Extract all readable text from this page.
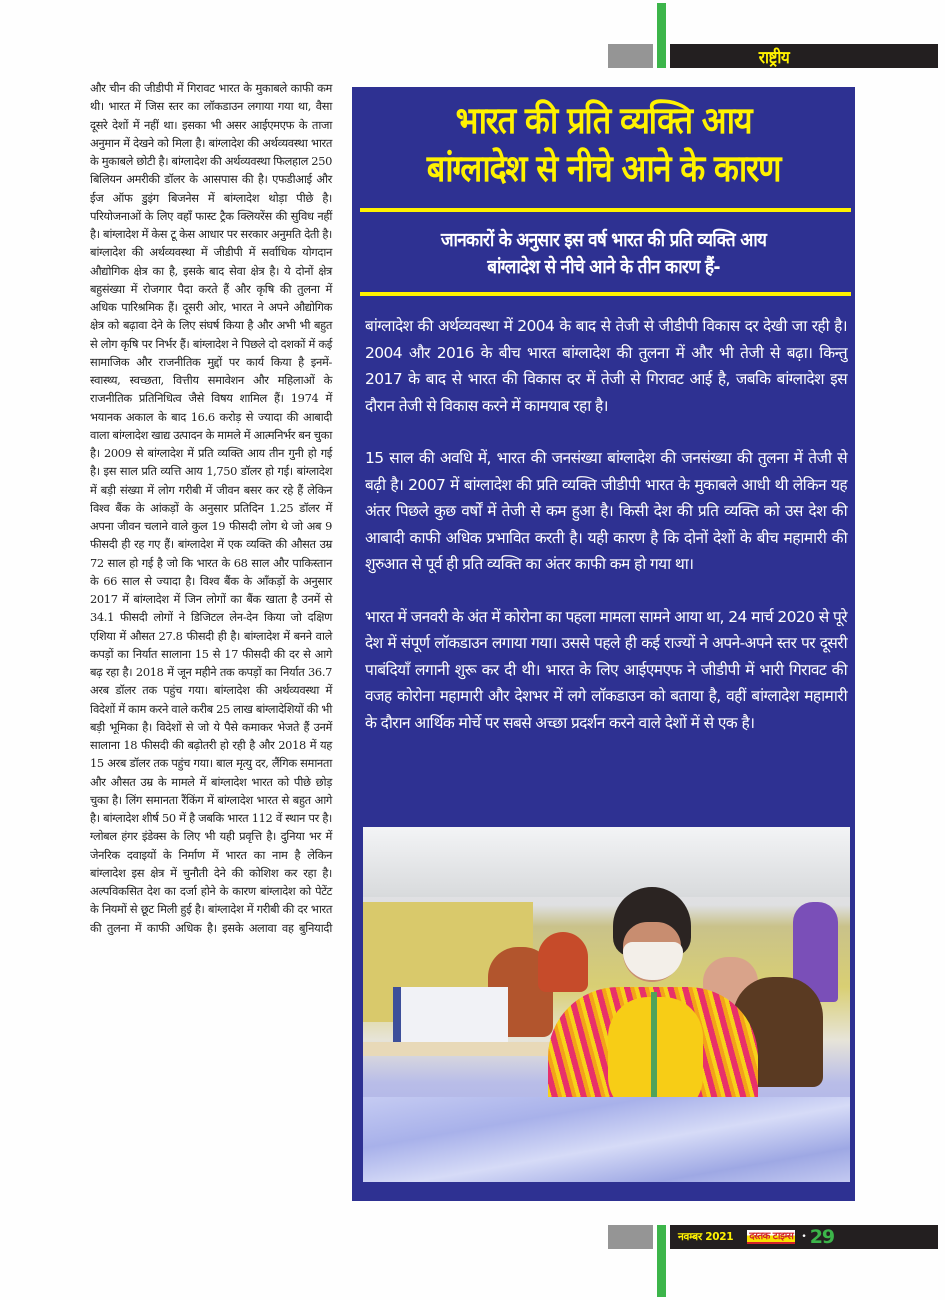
राष्ट्रीय

और चीन की जीडीपी में गिरावट भारत के मुकाबले काफी कम थी। भारत में जिस स्तर का लॉकडाउन लगाया गया था, वैसा दूसरे देशों में नहीं था। इसका भी असर आईएमएफ के ताजा अनुमान में देखने को मिला है। बांग्लादेश की अर्थव्यवस्था भारत के मुकाबले छोटी है। बांग्लादेश की अर्थव्यवस्था फिलहाल 250 बिलियन अमरीकी डॉलर के आसपास की है। एफडीआई और ईज ऑफ डुइंग बिजनेस में बांग्लादेश थोड़ा पीछे है। परियोजनाओं के लिए वहाँ फास्ट ट्रैक क्लियरेंस की सुविध नहीं है। बांग्लादेश में केस टू केस आधार पर सरकार अनुमति देती है। बांग्लादेश की अर्थव्यवस्था में जीडीपी में सर्वाधिक योगदान औद्योगिक क्षेत्र का है, इसके बाद सेवा क्षेत्र है। ये दोनों क्षेत्र बहुसंख्या में रोजगार पैदा करते हैं और कृषि की तुलना में अधिक पारिश्रमिक हैं। दूसरी ओर, भारत ने अपने औद्योगिक क्षेत्र को बढ़ावा देने के लिए संघर्ष किया है और अभी भी बहुत से लोग कृषि पर निर्भर हैं। बांग्लादेश ने पिछले दो दशकों में कई सामाजिक और राजनीतिक मुद्दों पर कार्य किया है इनमें-स्वास्थ्य, स्वच्छता, वित्तीय समावेशन और महिलाओं के राजनीतिक प्रतिनिधित्व जैसे विषय शामिल हैं। 1974 में भयानक अकाल के बाद 16.6 करोड़ से ज्यादा की आबादी वाला बांग्लादेश खाद्य उत्पादन के मामले में आत्मनिर्भर बन चुका है। 2009 से बांग्लादेश में प्रति व्यक्ति आय तीन गुनी हो गई है। इस साल प्रति व्यत्ति आय 1,750 डॉलर हो गई। बांग्लादेश में बड़ी संख्या में लोग गरीबी में जीवन बसर कर रहे हैं लेकिन विश्व बैंक के आंकड़ों के अनुसार प्रतिदिन 1.25 डॉलर में अपना जीवन चलाने वाले कुल 19 फीसदी लोग थे जो अब 9 फीसदी ही रह गए हैं। बांग्लादेश में एक व्यक्ति की औसत उम्र 72 साल हो गई है जो कि भारत के 68 साल और पाकिस्तान के 66 साल से ज्यादा है। विश्व बैंक के आँकड़ों के अनुसार 2017 में बांग्लादेश में जिन लोगों का बैंक खाता है उनमें से 34.1 फीसदी लोगों ने डिजिटल लेन-देन किया जो दक्षिण एशिया में औसत 27.8 फीसदी ही है। बांग्लादेश में बनने वाले कपड़ों का निर्यात सालाना 15 से 17 फीसदी की दर से आगे बढ़ रहा है। 2018 में जून महीने तक कपड़ों का निर्यात 36.7 अरब डॉलर तक पहुंच गया। बांग्लादेश की अर्थव्यवस्था में विदेशों में काम करने वाले करीब 25 लाख बांग्लादेशियों की भी बड़ी भूमिका है। विदेशों से जो ये पैसे कमाकर भेजते हैं उनमें सालाना 18 फीसदी की बढ़ोतरी हो रही है और 2018 में यह 15 अरब डॉलर तक पहुंच गया। बाल मृत्यु दर, लैंगिक समानता और औसत उम्र के मामले में बांग्लादेश भारत को पीछे छोड़ चुका है। लिंग समानता रैंकिंग में बांग्लादेश भारत से बहुत आगे है। बांग्लादेश शीर्ष 50 में है जबकि भारत 112 वें स्थान पर है। ग्लोबल हंगर इंडेक्स के लिए भी यही प्रवृत्ति है। दुनिया भर में जेनरिक दवाइयों के निर्माण में भारत का नाम है लेकिन बांग्लादेश इस क्षेत्र में चुनौती देने की कोशिश कर रहा है। अल्पविकसित देश का दर्जा होने के कारण बांग्लादेश को पेटेंट के नियमों से छूट मिली हुई है। बांग्लादेश में गरीबी की दर भारत की तुलना में काफी अधिक है। इसके अलावा वह बुनियादी

भारत की प्रति व्यक्ति आय
बांग्लादेश से नीचे आने के कारण
जानकारों के अनुसार इस वर्ष भारत की प्रति व्यक्ति आय
बांग्लादेश से नीचे आने के तीन कारण हैं-

बांग्लादेश की अर्थव्यवस्था में 2004 के बाद से तेजी से जीडीपी विकास दर देखी जा रही है। 2004 और 2016 के बीच भारत बांग्लादेश की तुलना में और भी तेजी से बढ़ा। किन्तु 2017 के बाद से भारत की विकास दर में तेजी से गिरावट आई है, जबकि बांग्लादेश इस दौरान तेजी से विकास करने में कामयाब रहा है।

15 साल की अवधि में, भारत की जनसंख्या बांग्लादेश की जनसंख्या की तुलना में तेजी से बढ़ी है। 2007 में बांग्लादेश की प्रति व्यक्ति जीडीपी भारत के मुकाबले आधी थी लेकिन यह अंतर पिछले कुछ वर्षों में तेजी से कम हुआ है। किसी देश की प्रति व्यक्ति को उस देश की आबादी काफी अधिक प्रभावित करती है। यही कारण है कि दोनों देशों के बीच महामारी की शुरुआत से पूर्व ही प्रति व्यक्ति का अंतर काफी कम हो गया था।

भारत में जनवरी के अंत में कोरोना का पहला मामला सामने आया था, 24 मार्च 2020 से पूरे देश में संपूर्ण लॉकडाउन लगाया गया। उससे पहले ही कई राज्यों ने अपने-अपने स्तर पर दूसरी पाबंदियाँ लगानी शुरू कर दी थी। भारत के लिए आईएमएफ ने जीडीपी में भारी गिरावट की वजह कोरोना महामारी और देशभर में लगे लॉकडाउन को बताया है, वहीं बांग्लादेश महामारी के दौरान आर्थिक मोर्चे पर सबसे अच्छा प्रदर्शन करने वाले देशों में से एक है।

नवम्बर 2021 दस्तक टाइम्स • 29
